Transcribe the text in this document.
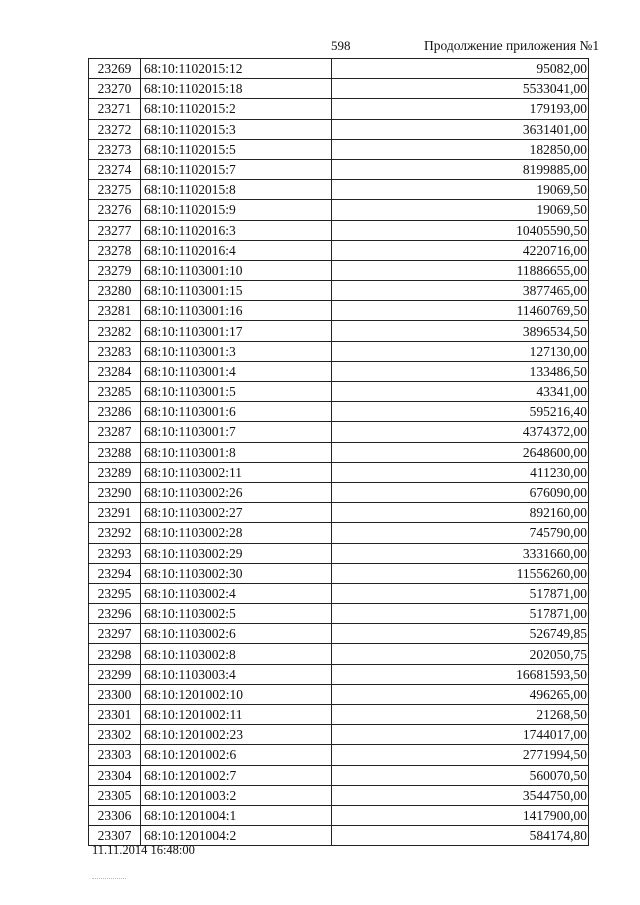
598	Продолжение приложения №1
23269	68:10:1102015:12	95082,00
23270	68:10:1102015:18	5533041,00
23271	68:10:1102015:2	179193,00
23272	68:10:1102015:3	3631401,00
23273	68:10:1102015:5	182850,00
23274	68:10:1102015:7	8199885,00
23275	68:10:1102015:8	19069,50
23276	68:10:1102015:9	19069,50
23277	68:10:1102016:3	10405590,50
23278	68:10:1102016:4	4220716,00
23279	68:10:1103001:10	11886655,00
23280	68:10:1103001:15	3877465,00
23281	68:10:1103001:16	11460769,50
23282	68:10:1103001:17	3896534,50
23283	68:10:1103001:3	127130,00
23284	68:10:1103001:4	133486,50
23285	68:10:1103001:5	43341,00
23286	68:10:1103001:6	595216,40
23287	68:10:1103001:7	4374372,00
23288	68:10:1103001:8	2648600,00
23289	68:10:1103002:11	411230,00
23290	68:10:1103002:26	676090,00
23291	68:10:1103002:27	892160,00
23292	68:10:1103002:28	745790,00
23293	68:10:1103002:29	3331660,00
23294	68:10:1103002:30	11556260,00
23295	68:10:1103002:4	517871,00
23296	68:10:1103002:5	517871,00
23297	68:10:1103002:6	526749,85
23298	68:10:1103002:8	202050,75
23299	68:10:1103003:4	16681593,50
23300	68:10:1201002:10	496265,00
23301	68:10:1201002:11	21268,50
23302	68:10:1201002:23	1744017,00
23303	68:10:1201002:6	2771994,50
23304	68:10:1201002:7	560070,50
23305	68:10:1201003:2	3544750,00
23306	68:10:1201004:1	1417900,00
23307	68:10:1201004:2	584174,80
11.11.2014 16:48:00
